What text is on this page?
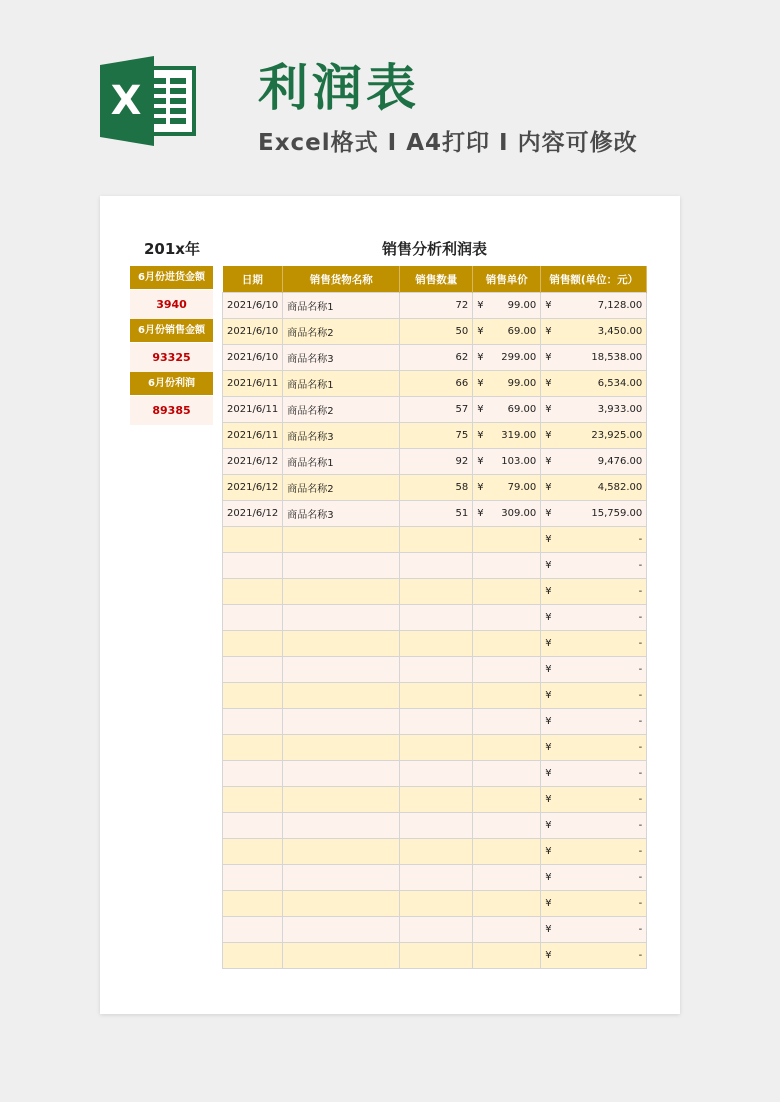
X 利润表
Excel格式 I A4打印 I 内容可修改
201x年
6月份进货金额
3940
6月份销售金额
93325
6月份利润
89385
销售分析利润表
日期	销售货物名称	销售数量	销售单价	销售额(单位：元）
2021/6/10	商品名称1	72	¥ 99.00	¥ 7,128.00

2021/6/10	商品名称2	50	¥ 69.00	¥ 3,450.00

2021/6/10	商品名称3	62	¥ 299.00	¥ 18,538.00

2021/6/11	商品名称1	66	¥ 99.00	¥ 6,534.00

2021/6/11	商品名称2	57	¥ 69.00	¥ 3,933.00

2021/6/11	商品名称3	75	¥ 319.00	¥ 23,925.00

2021/6/12	商品名称1	92	¥ 103.00	¥ 9,476.00

2021/6/12	商品名称2	58	¥ 79.00	¥ 4,582.00

2021/6/12	商品名称3	51	¥ 309.00	¥ 15,759.00

				¥ -

				¥ -

				¥ -

				¥ -

				¥ -

				¥ -

				¥ -

				¥ -

				¥ -

				¥ -

				¥ -

				¥ -

				¥ -

				¥ -

				¥ -

				¥ -

				¥ -
